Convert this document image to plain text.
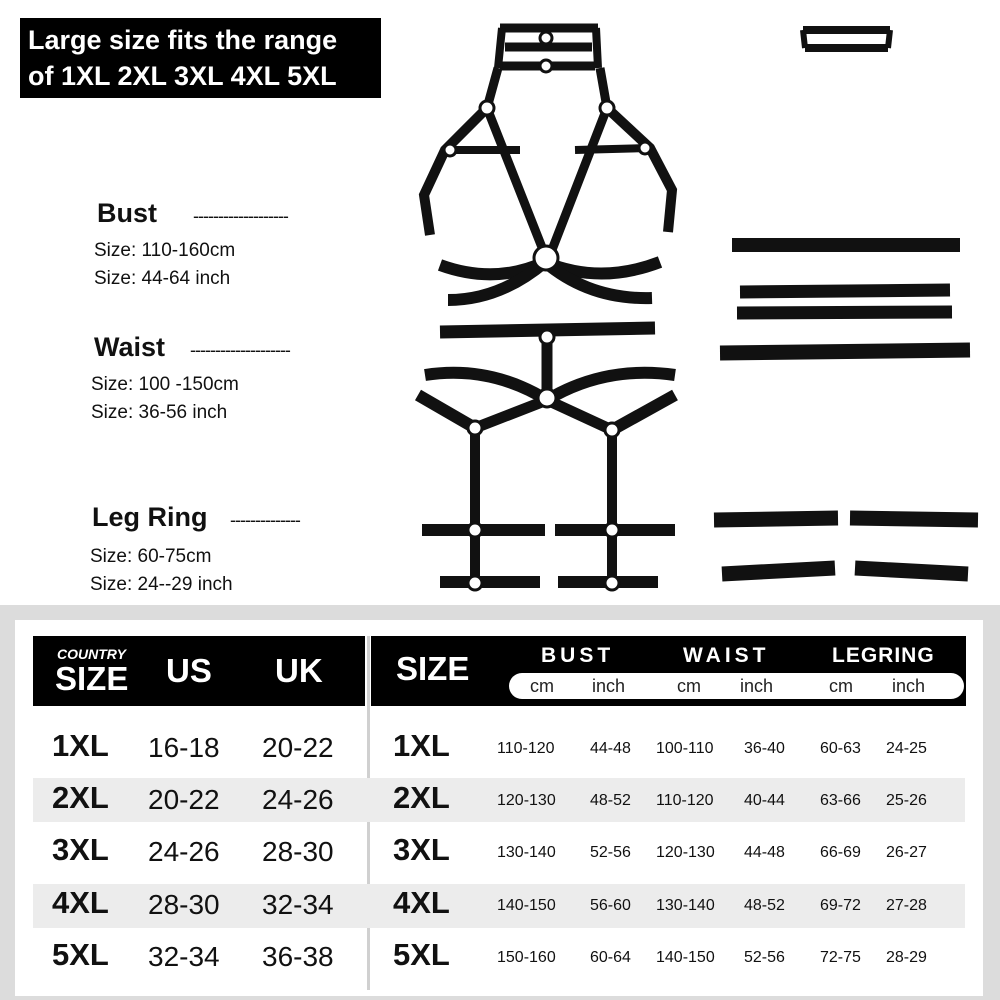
Large size fits the range
of 1XL 2XL 3XL 4XL 5XL
Bust -------------------
Size: 110-160cm
Size: 44-64 inch
Waist --------------------
Size: 100 -150cm
Size: 36-56 inch
Leg Ring --------------
Size: 60-75cm
Size: 24--29 inch
COUNTRY
SIZE US UK SIZE	BUST	WAIST	LEGRING
cm inch	cm inch	cm inch
1XL 16-18 20-22 1XL	110-120 44-48 100-110 36-40 60-63 24-25
2XL 20-22 24-26 2XL	120-130 48-52 110-120 40-44 63-66 25-26
3XL 24-26 28-30 3XL	130-140 52-56 120-130 44-48 66-69 26-27
4XL 28-30 32-34 4XL	140-150 56-60 130-140 48-52 69-72 27-28
5XL 32-34 36-38 5XL	150-160 60-64 140-150 52-56 72-75 28-29
